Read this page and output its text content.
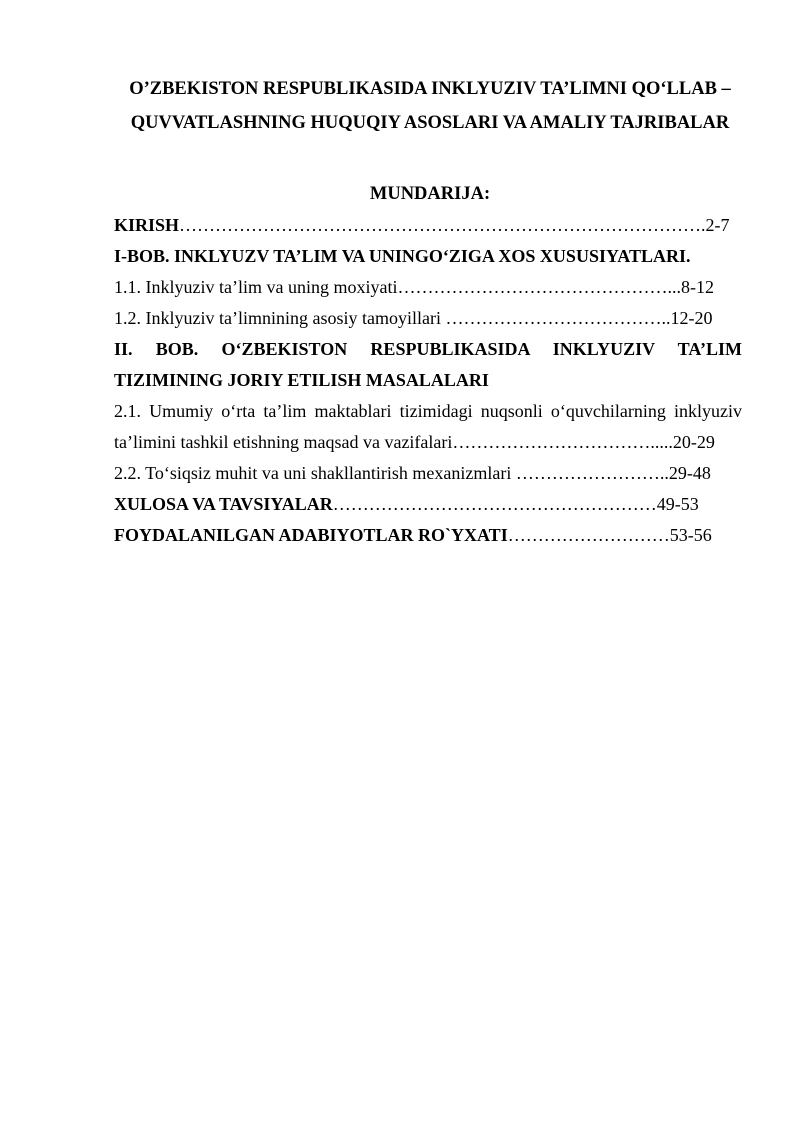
O’ZBEKISTON RESPUBLIKASIDA INKLYUZIV TA’LIMNI QO‘LLAB –
QUVVATLASHNING HUQUQIY ASOSLARI VA AMALIY TAJRIBALAR
MUNDARIJA:
KIRISH…………………………………………………………………………….2-7
I-BOB. INKLYUZV TA’LIM VA UNINGO‘ZIGA XOS XUSUSIYATLARI.
1.1. Inklyuziv ta’lim va uning moxiyati………………………………………...8-12
1.2. Inklyuziv ta’limnining asosiy tamoyillari ………………………………..12-20
II. BOB. O‘ZBEKISTON RESPUBLIKASIDA INKLYUZIV TA’LIM
TIZIMINING JORIY ETILISH MASALALARI
2.1. Umumiy o‘rta ta’lim maktablari tizimidagi nuqsonli o‘quvchilarning inklyuziv
ta’limini tashkil etishning maqsad va vazifalari…………………………….....20-29
2.2. To‘siqsiz muhit va uni shakllantirish mexanizmlari ……………………..29-48
XULOSA VA TAVSIYALAR………………………………………………49-53
FOYDALANILGAN ADABIYOTLAR RO`YXATI………………………53-56
